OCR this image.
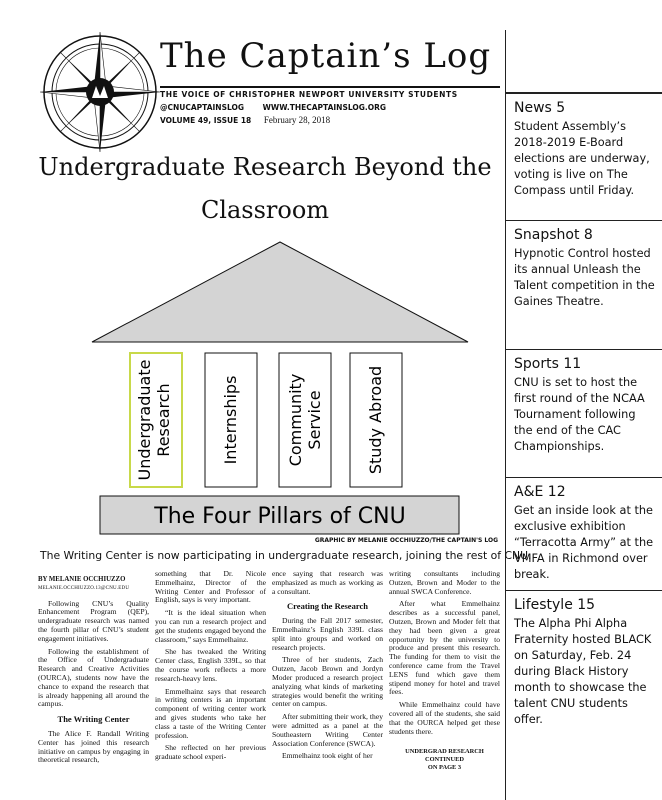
The Captain’s Log
THE VOICE OF CHRISTOPHER NEWPORT UNIVERSITY STUDENTS
@CNUCAPTAINSLOG WWW.THECAPTAINSLOG.ORG
VOLUME 49, ISSUE 18 February 28, 2018
News 5
Student Assembly’s 2018-2019 E-Board elections are underway, voting is live on The Compass until Friday.
Snapshot 8
Hypnotic Control hosted its annual Unleash the Talent competition in the Gaines Theatre.
Sports 11
CNU is set to host the first round of the NCAA Tournament following the end of the CAC Championships.
A&E 12
Get an inside look at the exclusive exhibition “Terracotta Army” at the VMFA in Richmond over break.
Lifestyle 15
The Alpha Phi Alpha Fraternity hosted BLACK on Saturday, Feb. 24 during Black History month to showcase the talent CNU students offer.
Undergraduate Research Beyond the Classroom
Undergraduate Research	Internships	Community Service	Study Abroad
The Four Pillars of CNU
GRAPHIC BY MELANIE OCCHIUZZO/THE CAPTAIN'S LOG
The Writing Center is now participating in undergraduate research, joining the rest of CNU.
BY MELANIE OCCHIUZZO
MELANIE.OCCHIUZZO.13@CNU.EDU

Following CNU’s Quality Enhancement Program (QEP), undergraduate research was named the fourth pillar of CNU’s student engagement initiatives.

Following the establishment of the Office of Undergraduate Research and Creative Activities (OURCA), students now have the chance to expand the research that is already happening all around the campus.

The Writing Center

The Alice F. Randall Writing Center has joined this research initiative on campus by engaging in theoretical research,

something that Dr. Nicole Emmelhainz, Director of the Writing Center and Professor of English, says is very important.

“It is the ideal situation when you can run a research project and get the students engaged beyond the classroom,” says Emmelhainz.

She has tweaked the Writing Center class, English 339L, so that the course work reflects a more research-heavy lens.

Emmelhainz says that research in writing centers is an important component of writing center work and gives students who take her class a taste of the Writing Center profession.

She reflected on her previous graduate school experi-

ence saying that research was emphasized as much as working as a consultant.

Creating the Research

During the Fall 2017 semester, Emmelhainz’s English 339L class split into groups and worked on research projects.

Three of her students, Zach Outzen, Jacob Brown and Jordyn Moder produced a research project analyzing what kinds of marketing strategies would benefit the writing center on campus.

After submitting their work, they were admitted as a panel at the Southeastern Writing Center Association Conference (SWCA).

Emmelhainz took eight of her

writing consultants including Outzen, Brown and Moder to the annual SWCA Conference.

After what Emmelhainz describes as a successful panel, Outzen, Brown and Moder felt that they had been given a great opportunity by the university to produce and present this research. The funding for them to visit the conference came from the Travel LENS fund which gave them stipend money for hotel and travel fees.

While Emmelhainz could have covered all of the students, she said that the OURCA helped get these students there.

UNDERGRAD RESEARCH
CONTINUED
ON PAGE 3
